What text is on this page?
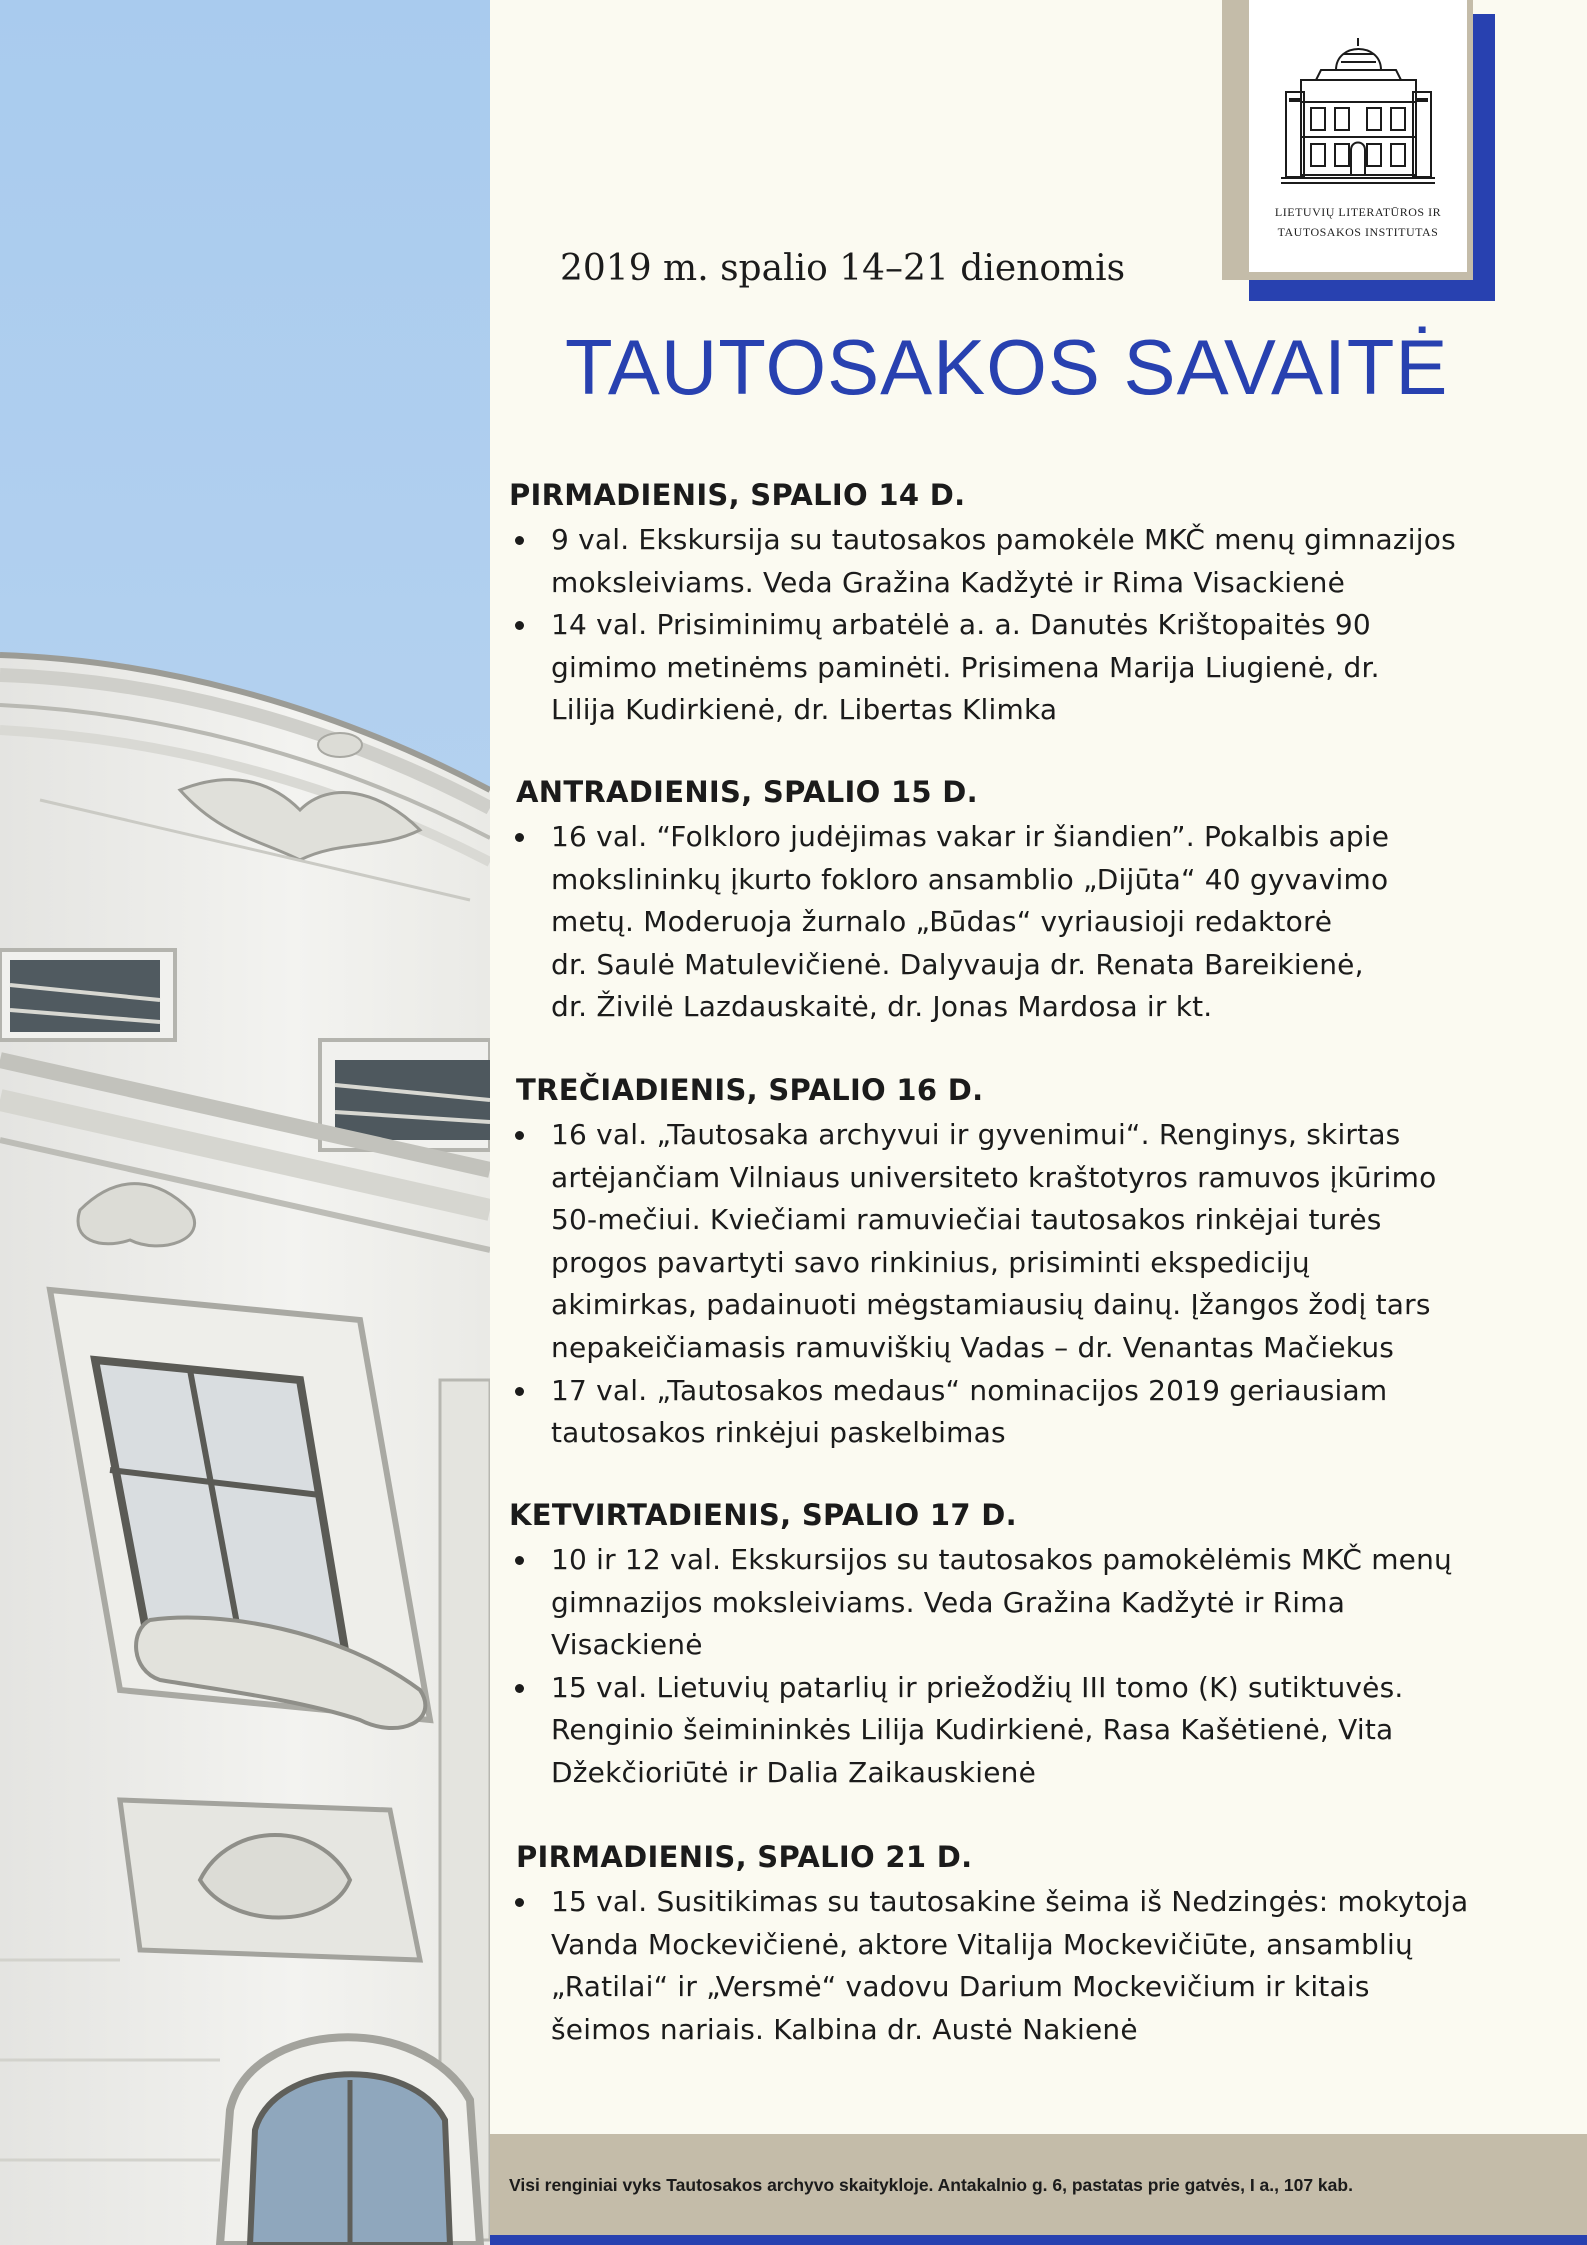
LIETUVIŲ LITERATŪROS IR
TAUTOSAKOS INSTITUTAS

2019 m. spalio 14–21 dienomis

TAUTOSAKOS SAVAITĖ
PIRMADIENIS, SPALIO 14 D.
9 val. Ekskursija su tautosakos pamokėle MKČ menų gimnazijos
moksleiviams. Veda Gražina Kadžytė ir Rima Visackienė
14 val. Prisiminimų arbatėlė a. a. Danutės Krištopaitės 90
gimimo metinėms paminėti. Prisimena Marija Liugienė, dr.
Lilija Kudirkienė, dr. Libertas Klimka
ANTRADIENIS, SPALIO 15 D.
16 val. “Folkloro judėjimas vakar ir šiandien”. Pokalbis apie
mokslininkų įkurto fokloro ansamblio „Dijūta“ 40 gyvavimo
metų. Moderuoja žurnalo „Būdas“ vyriausioji redaktorė
dr. Saulė Matulevičienė. Dalyvauja dr. Renata Bareikienė,
dr. Živilė Lazdauskaitė, dr. Jonas Mardosa ir kt.
TREČIADIENIS, SPALIO 16 D.
16 val. „Tautosaka archyvui ir gyvenimui“. Renginys, skirtas
artėjančiam Vilniaus universiteto kraštotyros ramuvos įkūrimo
50-mečiui. Kviečiami ramuviečiai tautosakos rinkėjai turės
progos pavartyti savo rinkinius, prisiminti ekspedicijų
akimirkas, padainuoti mėgstamiausių dainų. Įžangos žodį tars
nepakeičiamasis ramuviškių Vadas – dr. Venantas Mačiekus
17 val. „Tautosakos medaus“ nominacijos 2019 geriausiam
tautosakos rinkėjui paskelbimas
KETVIRTADIENIS, SPALIO 17 D.
10 ir 12 val. Ekskursijos su tautosakos pamokėlėmis MKČ menų
gimnazijos moksleiviams. Veda Gražina Kadžytė ir Rima
Visackienė
15 val. Lietuvių patarlių ir priežodžių III tomo (K) sutiktuvės.
Renginio šeimininkės Lilija Kudirkienė, Rasa Kašėtienė, Vita
Džekčioriūtė ir Dalia Zaikauskienė
PIRMADIENIS, SPALIO 21 D.
15 val. Susitikimas su tautosakine šeima iš Nedzingės: mokytoja
Vanda Mockevičienė, aktore Vitalija Mockevičiūte, ansamblių
„Ratilai“ ir „Versmė“ vadovu Darium Mockevičium ir kitais
šeimos nariais. Kalbina dr. Austė Nakienė

Visi renginiai vyks Tautosakos archyvo skaitykloje. Antakalnio g. 6, pastatas prie gatvės, I a., 107 kab.
